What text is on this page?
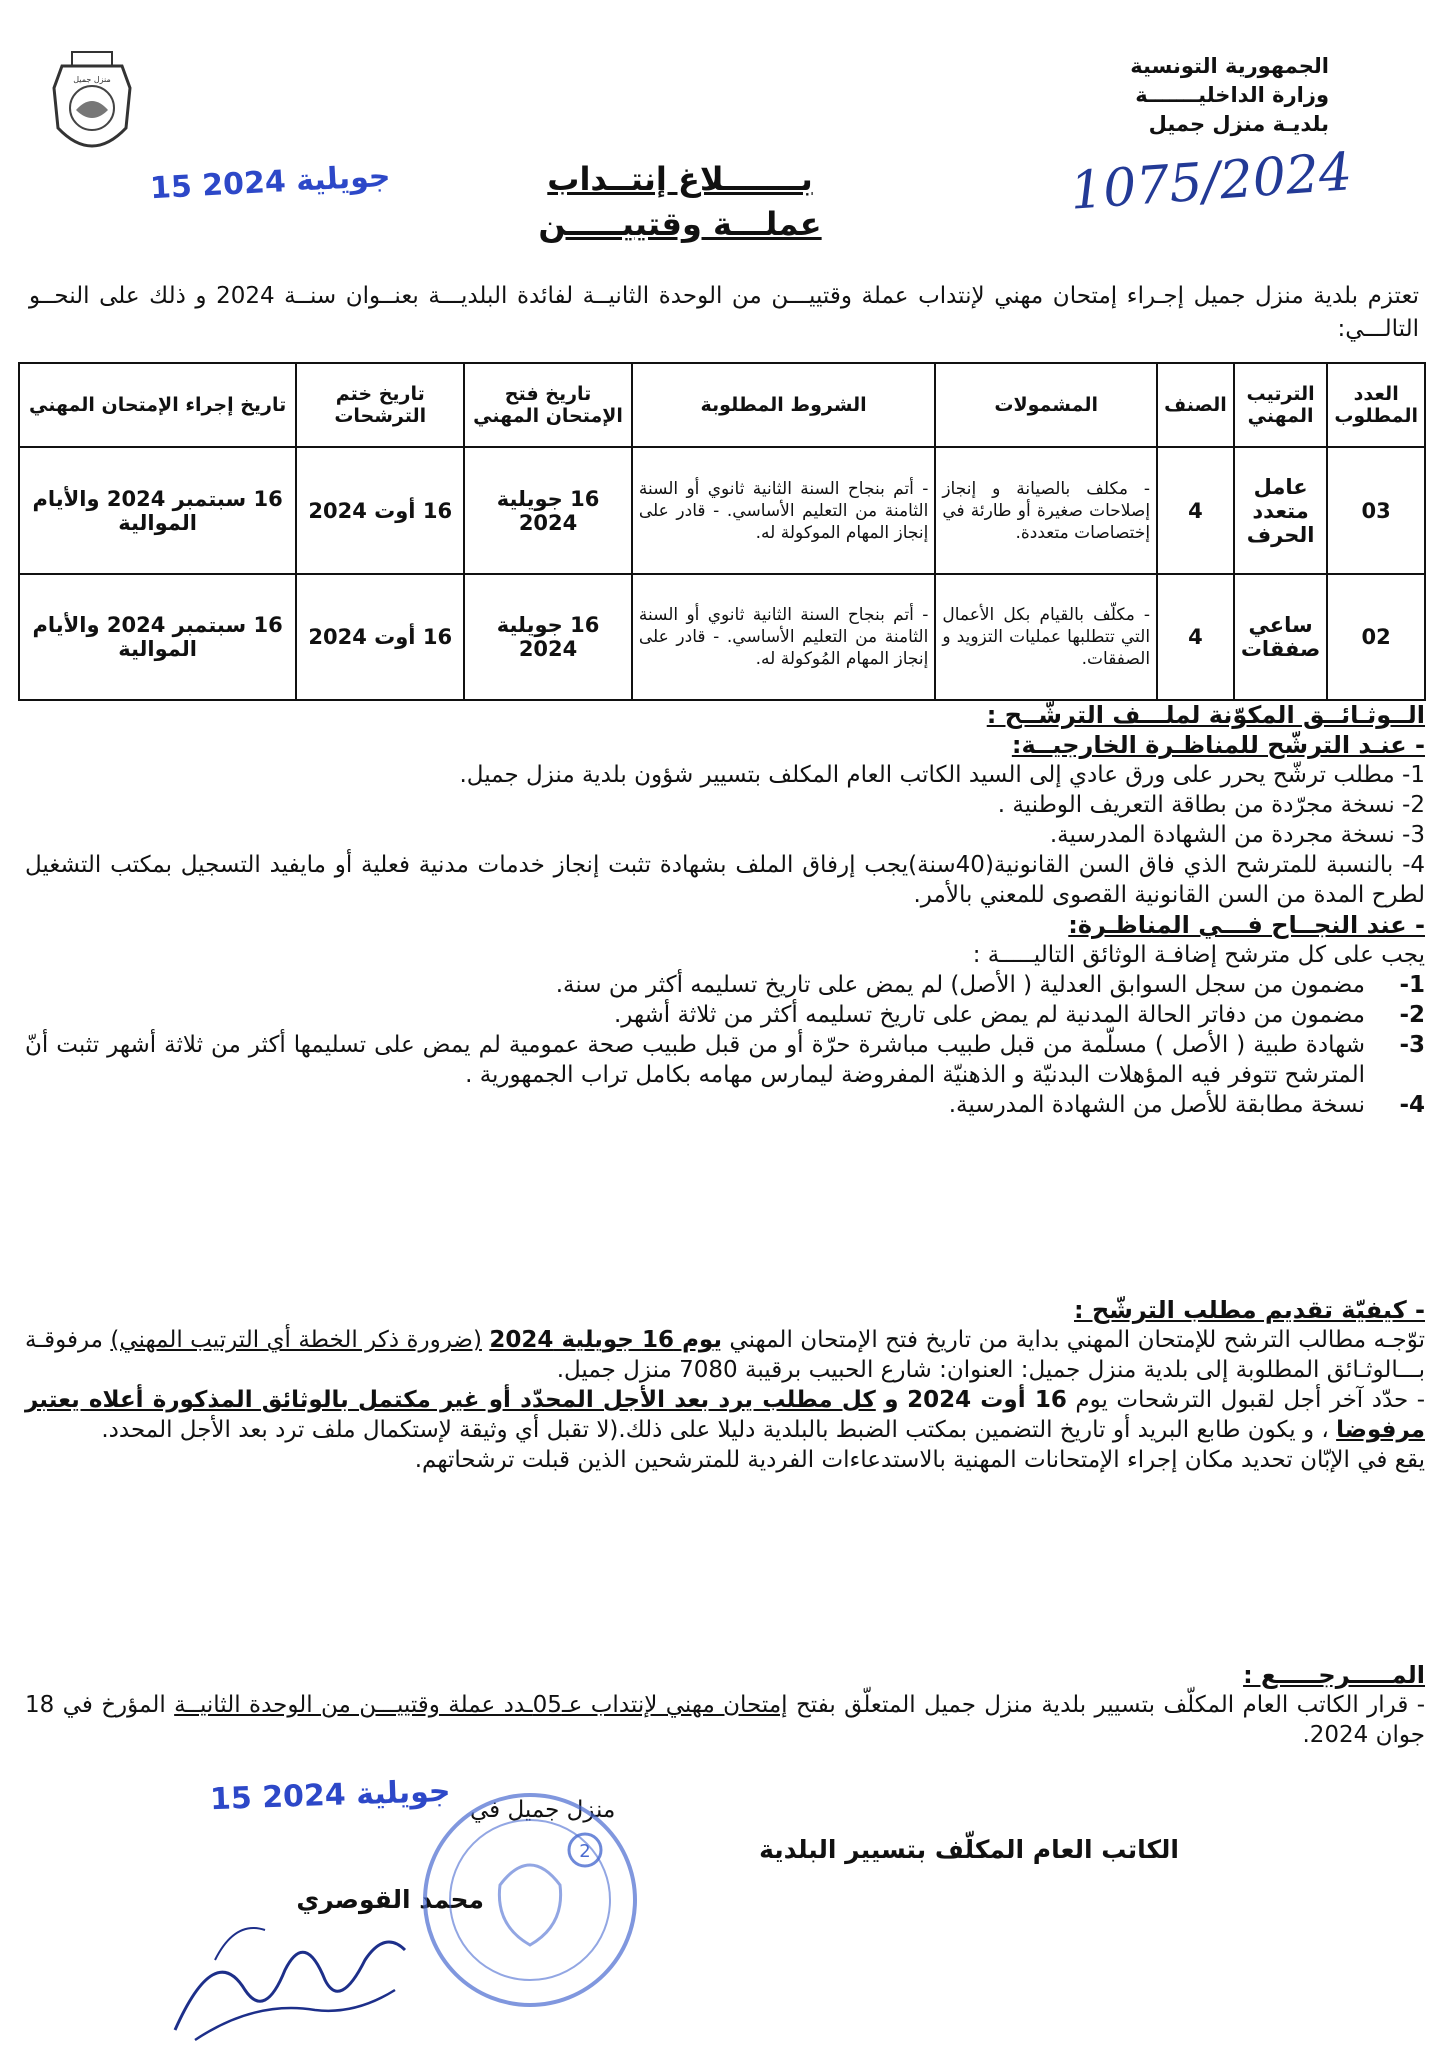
منزل جميل
الجمهورية التونسية
وزارة الداخليـــــــة
بلديـة منزل جميل
15 جويلية 2024	1075/2024
بـــــــلاغ إنتــداب
عملـــة وقتييـــــن
تعتزم بلدية منزل جميل إجـراء إمتحان مهني لإنتداب عملة وقتييـــن من الوحدة الثانيــة لفائدة البلديـــة بعنــوان سنــة 2024 و ذلك على النحــو التالـــي:
العدد المطلوب	الترتيب المهني	الصنف	المشمولات	الشروط المطلوبة	تاريخ فتح الإمتحان المهني	تاريخ ختم الترشحات	تاريخ إجراء الإمتحان المهني
03	عامل متعدد الحرف	4	- مكلف بالصيانة و إنجاز إصلاحات صغيرة أو طارئة في إختصاصات متعددة.	- أتم بنجاح السنة الثانية ثانوي أو السنة الثامنة من التعليم الأساسي. - قادر على إنجاز المهام الموكولة له.	16 جويلية 2024	16 أوت 2024	16 سبتمبر 2024 والأيام الموالية
02	ساعي صفقات	4	- مكلّف بالقيام بكل الأعمال التي تتطلبها عمليات التزويد و الصفقات.	- أتم بنجاح السنة الثانية ثانوي أو السنة الثامنة من التعليم الأساسي. - قادر على إنجاز المهام المُوكولة له.	16 جويلية 2024	16 أوت 2024	16 سبتمبر 2024 والأيام الموالية
الــوثـائــق المكوّنة لملـــف الترشّــح :
- عنـد الترشّح للمناظـرة الخارجيــة:
1- مطلب ترشّح يحرر على ورق عادي إلى السيد الكاتب العام المكلف بتسيير شؤون بلدية منزل جميل.
2- نسخة مجرّدة من بطاقة التعريف الوطنية .
3- نسخة مجردة من الشهادة المدرسية.
4- بالنسبة للمترشح الذي فاق السن القانونية(40سنة)يجب إرفاق الملف بشهادة تثبت إنجاز خدمات مدنية فعلية أو مايفيد التسجيل بمكتب التشغيل لطرح المدة من السن القانونية القصوى للمعني بالأمر.
- عند النجــاح فـــي المناظـرة:
يجب على كل مترشح إضافـة الوثائق التاليـــــة :
1-
مضمون من سجل السوابق العدلية ( الأصل) لم يمض على تاريخ تسليمه أكثر من سنة.
2-
مضمون من دفاتر الحالة المدنية لم يمض على تاريخ تسليمه أكثر من ثلاثة أشهر.
3-
شهادة طبية ( الأصل ) مسلّمة من قبل طبيب مباشرة حرّة أو من قبل طبيب صحة عمومية لم يمض على تسليمها أكثر من ثلاثة أشهر تثبت أنّ المترشح تتوفر فيه المؤهلات البدنيّة و الذهنيّة المفروضة ليمارس مهامه بكامل تراب الجمهورية .
4-
نسخة مطابقة للأصل من الشهادة المدرسية.
- كيفيّة تقديم مطلب الترشّح :
توّجـه مطالب الترشح للإمتحان المهني بداية من تاريخ فتح الإمتحان المهني يوم 16 جويلية 2024 (ضرورة ذكر الخطة أي الترتيب المهني) مرفوقـة بـــالوثـائق المطلوبة إلى بلدية منزل جميل: العنوان: شارع الحبيب برقيبة 7080 منزل جميل.
- حدّد آخر أجل لقبول الترشحات يوم 16 أوت 2024 و كل مطلب يرد بعد الأجل المحدّد أو غير مكتمل بالوثائق المذكورة أعلاه يعتبر مرفوضا ، و يكون طابع البريد أو تاريخ التضمين بمكتب الضبط بالبلدية دليلا على ذلك.(لا تقبل أي وثيقة لإستكمال ملف ترد بعد الأجل المحدد.
يقع في الإبّان تحديد مكان إجراء الإمتحانات المهنية بالاستدعاءات الفردية للمترشحين الذين قبلت ترشحاتهم.
المـــــرجـــــع :
- قرار الكاتب العام المكلّف بتسيير بلدية منزل جميل المتعلّق بفتح إمتحان مهني لإنتداب عـ05ـدد عملة وقتييـــن من الوحدة الثانيــة المؤرخ في 18 جوان 2024.
15 جويلية 2024 منزل جميل في
الكاتب العام المكلّف بتسيير البلدية
محمد القوصري
2
